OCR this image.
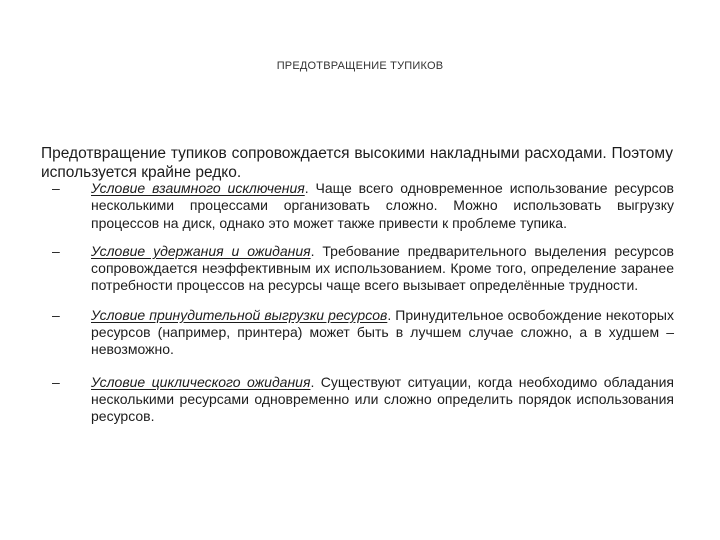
ПРЕДОТВРАЩЕНИЕ ТУПИКОВ

Предотвращение тупиков сопровождается высокими накладными расходами. Поэтому используется крайне редко.

–	Условие взаимного исключения. Чаще всего одновременное использование ресурсов несколькими процессами организовать сложно. Можно использовать выгрузку процессов на диск, однако это может также привести к проблеме тупика.
–	Условие удержания и ожидания. Требование предварительного выделения ресурсов сопровождается неэффективным их использованием. Кроме того, определение заранее потребности процессов на ресурсы чаще всего вызывает определённые трудности.
–	Условие принудительной выгрузки ресурсов. Принудительное освобождение некоторых ресурсов (например, принтера) может быть в лучшем случае сложно, а в худшем – невозможно.
–	Условие циклического ожидания. Существуют ситуации, когда необходимо обладания несколькими ресурсами одновременно или сложно определить порядок использования ресурсов.
